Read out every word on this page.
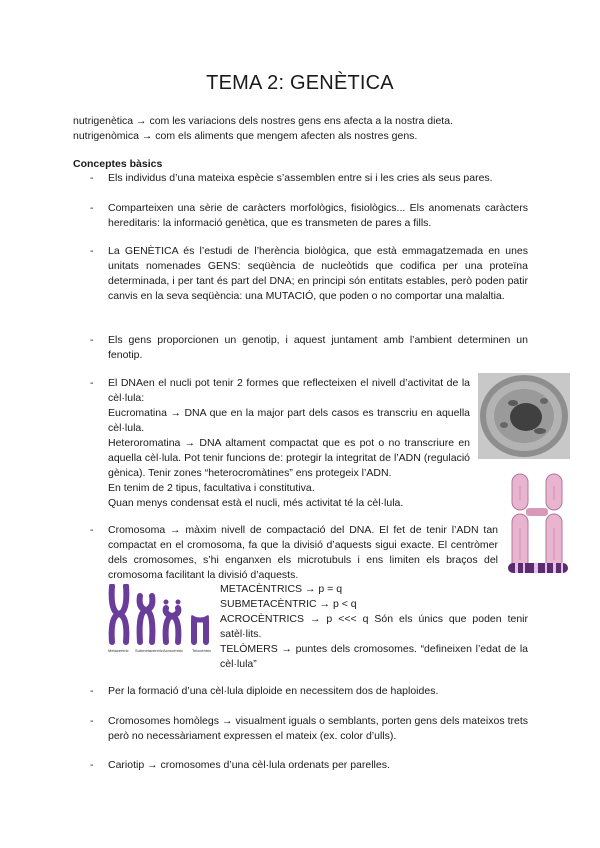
TEMA 2: GENÈTICA
nutrigenètica → com les variacions dels nostres gens ens afecta a la nostra dieta.
nutrigenòmica → com els aliments que mengem afecten als nostres gens.
Conceptes bàsics
- Els individus d’una mateixa espècie s’assemblen entre si i les cries als seus pares.
- Comparteixen una sèrie de caràcters morfològics, fisiològics... Els anomenats caràcters hereditaris: la informació genètica, que es transmeten de pares a fills.
- La GENÈTICA és l’estudi de l’herència biològica, que està emmagatzemada en unes unitats nomenades GENS: seqüència de nucleòtids que codifica per una proteïna determinada, i per tant és part del DNA; en principi són entitats estables, però poden patir canvis en la seva seqüència: una MUTACIÓ, que poden o no comportar una malaltia.
- Els gens proporcionen un genotip, i aquest juntament amb l’ambient determinen un fenotip.
- El DNAen el nucli pot tenir 2 formes que reflecteixen el nivell d’activitat de la cèl·lula:
Eucromatina → DNA que en la major part dels casos es transcriu en aquella cèl·lula.
Heteroromatina → DNA altament compactat que es pot o no transcriure en aquella cèl·lula. Pot tenir funcions de: protegir la integritat de l’ADN (regulació gènica). Tenir zones “heterocromàtines” ens protegeix l’ADN.
En tenim de 2 tipus, facultativa i constitutiva.
Quan menys condensat està el nucli, més activitat té la cèl·lula.
- Cromosoma → màxim nivell de compactació del DNA. El fet de tenir l’ADN tan compactat en el cromosoma, fa que la divisió d’aquests sigui exacte. El centròmer dels cromosomes, s’hi enganxen els microtubuls i ens limiten els braços del cromosoma facilitant la divisió d’aquests.
Metacèntric Submetacèntric Acrocèntric Telocèntric
METACÈNTRICS → p = q
SUBMETACÈNTRIC → p < q
ACROCÈNTRICS → p <<< q Són els únics que poden tenir satèl·lits.
TELÒMERS → puntes dels cromosomes. “defineixen l’edat de la cèl·lula”
- Per la formació d’una cèl·lula diploide en necessitem dos de haploides.
- Cromosomes homòlegs → visualment iguals o semblants, porten gens dels mateixos trets però no necessàriament expressen el mateix (ex. color d’ulls).
- Cariotip → cromosomes d’una cèl·lula ordenats per parelles.
